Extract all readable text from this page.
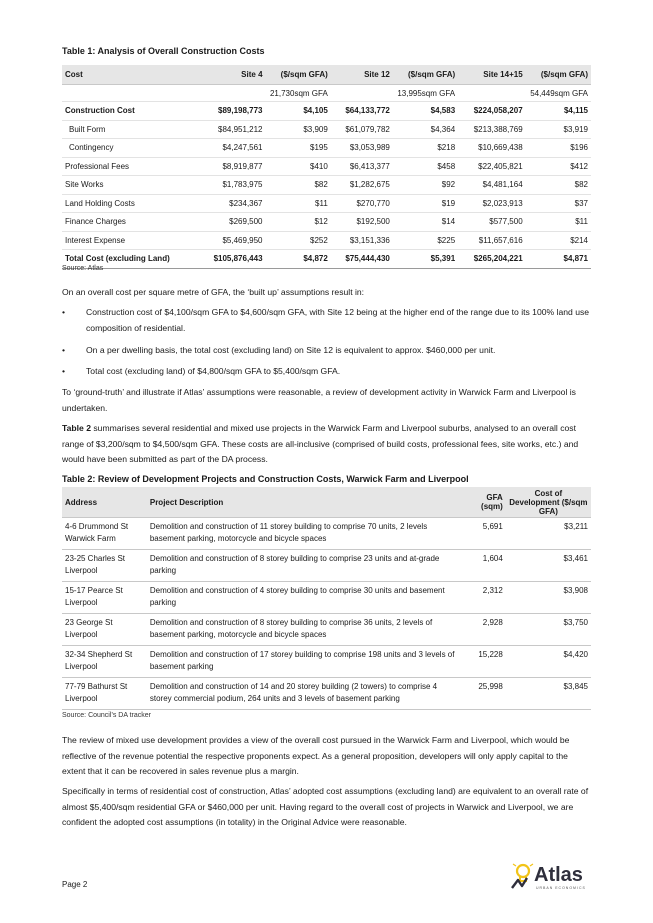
Table 1: Analysis of Overall Construction Costs
Cost	Site 4	($/sqm GFA)	Site 12	($/sqm GFA)	Site 14+15	($/sqm GFA)
	21,730sqm GFA		13,995sqm GFA		54,449sqm GFA	
Construction Cost	$89,198,773	$4,105	$64,133,772	$4,583	$224,058,207	$4,115
Built Form	$84,951,212	$3,909	$61,079,782	$4,364	$213,388,769	$3,919
Contingency	$4,247,561	$195	$3,053,989	$218	$10,669,438	$196
Professional Fees	$8,919,877	$410	$6,413,377	$458	$22,405,821	$412
Site Works	$1,783,975	$82	$1,282,675	$92	$4,481,164	$82
Land Holding Costs	$234,367	$11	$270,770	$19	$2,023,913	$37
Finance Charges	$269,500	$12	$192,500	$14	$577,500	$11
Interest Expense	$5,469,950	$252	$3,151,336	$225	$11,657,616	$214
Total Cost (excluding Land)	$105,876,443	$4,872	$75,444,430	$5,391	$265,204,221	$4,871
Source: Atlas
On an overall cost per square metre of GFA, the ‘built up’ assumptions result in:
• Construction cost of $4,100/sqm GFA to $4,600/sqm GFA, with Site 12 being at the higher end of the range due to its 100% land use composition of residential.
• On a per dwelling basis, the total cost (excluding land) on Site 12 is equivalent to approx. $460,000 per unit.
• Total cost (excluding land) of $4,800/sqm GFA to $5,400/sqm GFA.
To ‘ground-truth’ and illustrate if Atlas’ assumptions were reasonable, a review of development activity in Warwick Farm and Liverpool is undertaken.
Table 2 summarises several residential and mixed use projects in the Warwick Farm and Liverpool suburbs, analysed to an overall cost range of $3,200/sqm to $4,500/sqm GFA. These costs are all-inclusive (comprised of build costs, professional fees, site works, etc.) and would have been submitted as part of the DA process.
Table 2: Review of Development Projects and Construction Costs, Warwick Farm and Liverpool
Address	Project Description	GFA (sqm)	Cost of Development ($/sqm GFA)
4-6 Drummond St Warwick Farm	Demolition and construction of 11 storey building to comprise 70 units, 2 levels basement parking, motorcycle and bicycle spaces	5,691	$3,211
23-25 Charles St Liverpool	Demolition and construction of 8 storey building to comprise 23 units and at-grade parking	1,604	$3,461
15-17 Pearce St Liverpool	Demolition and construction of 4 storey building to comprise 30 units and basement parking	2,312	$3,908
23 George St Liverpool	Demolition and construction of 8 storey building to comprise 36 units, 2 levels of basement parking, motorcycle and bicycle spaces	2,928	$3,750
32-34 Shepherd St Liverpool	Demolition and construction of 17 storey building to comprise 198 units and 3 levels of basement parking	15,228	$4,420
77-79 Bathurst St Liverpool	Demolition and construction of 14 and 20 storey building (2 towers) to comprise 4 storey commercial podium, 264 units and 3 levels of basement parking	25,998	$3,845
Source: Council’s DA tracker
The review of mixed use development provides a view of the overall cost pursued in the Warwick Farm and Liverpool, which would be reflective of the revenue potential the respective proponents expect. As a general proposition, developers will only apply capital to the extent that it can be recovered in sales revenue plus a margin.
Specifically in terms of residential cost of construction, Atlas’ adopted cost assumptions (excluding land) are equivalent to an overall rate of almost $5,400/sqm residential GFA or $460,000 per unit. Having regard to the overall cost of projects in Warwick and Liverpool, we are confident the adopted cost assumptions (in totality) in the Original Advice were reasonable.
Page 2	Atlas
URBAN ECONOMICS
